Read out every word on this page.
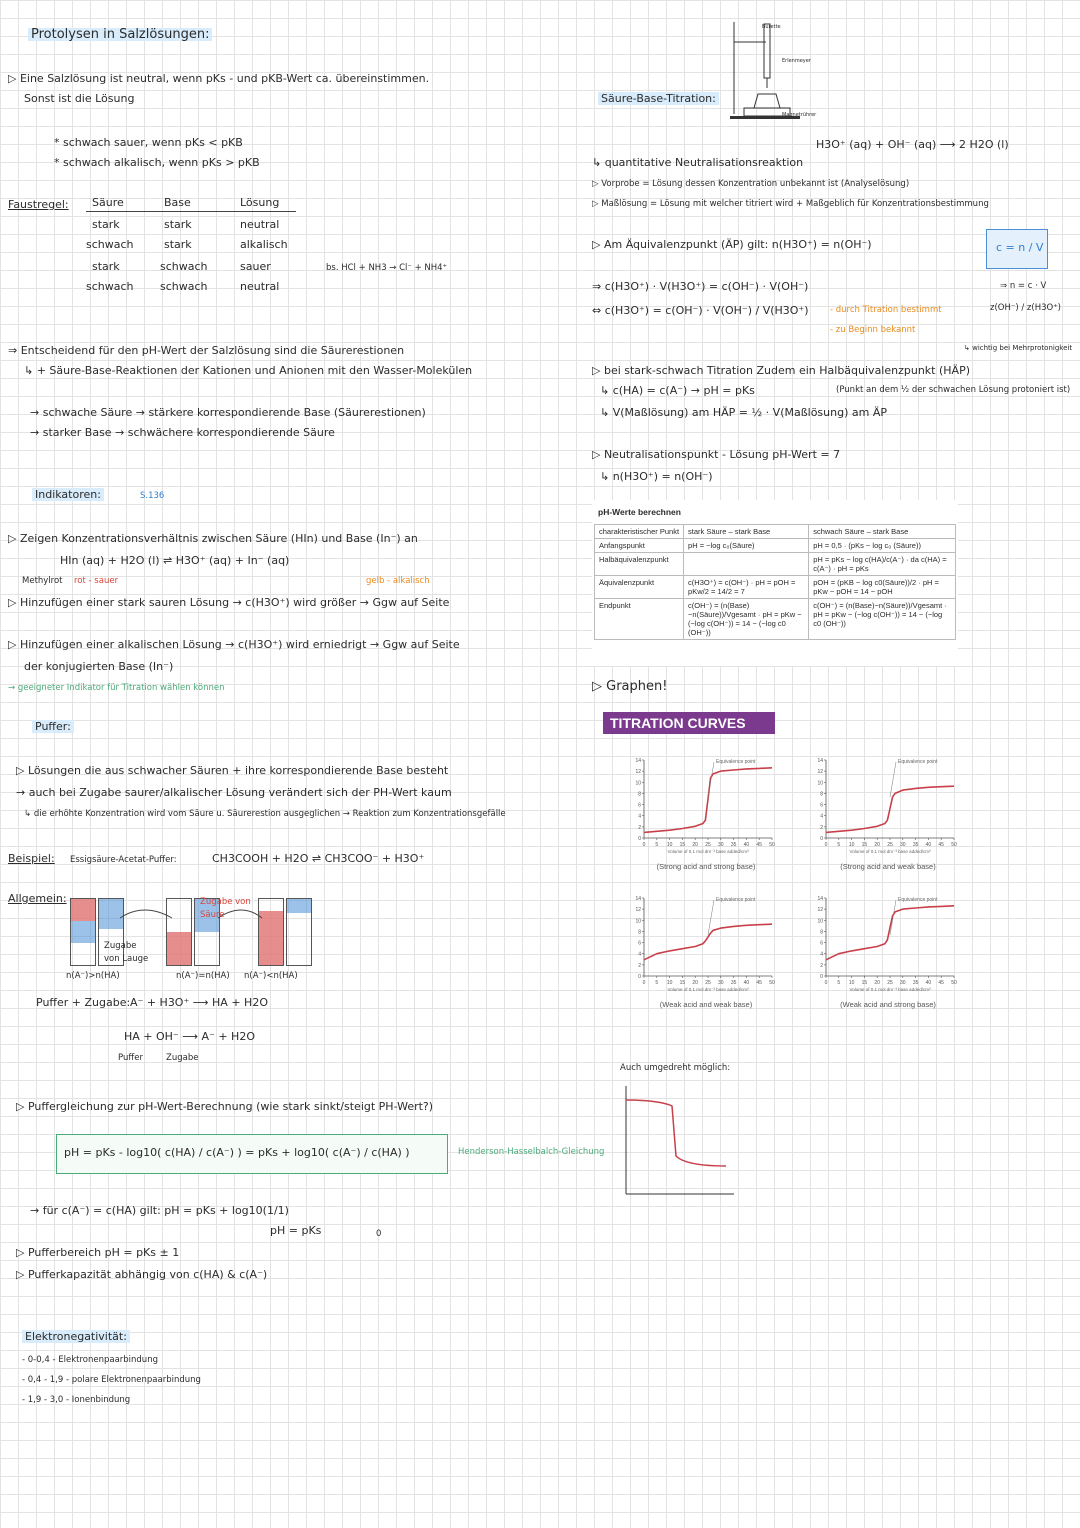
Protolysen in Salzlösungen:
▷ Eine Salzlösung ist neutral, wenn pKs - und pKB-Wert ca. übereinstimmen.
Sonst ist die Lösung
* schwach sauer, wenn pKs < pKB
* schwach alkalisch, wenn pKs > pKB
Faustregel: Säure	Base	Lösung
stark	stark	neutral
schwach	stark	alkalisch
stark	schwach	sauer
schwach schwach	neutral
bs. HCl + NH3 → Cl⁻ + NH4⁺
⇒ Entscheidend für den pH-Wert der Salzlösung sind die Säurerestionen
↳ + Säure-Base-Reaktionen der Kationen und Anionen mit den Wasser-Molekülen
→ schwache Säure → stärkere korrespondierende Base (Säurerestionen)
→ starker Base → schwächere korrespondierende Säure
Indikatoren:	S.136
▷ Zeigen Konzentrationsverhältnis zwischen Säure (HIn) und Base (In⁻) an
HIn (aq) + H2O (l) ⇌ H3O⁺ (aq) + In⁻ (aq)
Methylrot rot - sauer	gelb - alkalisch
▷ Hinzufügen einer stark sauren Lösung → c(H3O⁺) wird größer → Ggw auf Seite
▷ Hinzufügen einer alkalischen Lösung → c(H3O⁺) wird erniedrigt → Ggw auf Seite
der konjugierten Base (In⁻)
→ geeigneter Indikator für Titration wählen können
Puffer:
▷ Lösungen die aus schwacher Säuren + ihre korrespondierende Base besteht
→ auch bei Zugabe saurer/alkalischer Lösung verändert sich der PH-Wert kaum
↳ die erhöhte Konzentration wird vom Säure u. Säurerestion ausgeglichen → Reaktion zum Konzentrationsgefälle
Beispiel: Essigsäure-Acetat-Puffer:	CH3COOH + H2O ⇌ CH3COO⁻ + H3O⁺
Allgemein:
Zugabe von Lauge
Zugabe von Säure
n(A⁻)>n(HA)	n(A⁻)=n(HA) n(A⁻)<n(HA)
Puffer + Zugabe: A⁻ + H3O⁺ ⟶ HA + H2O
HA + OH⁻ ⟶ A⁻ + H2O
Puffer	Zugabe
▷ Puffergleichung zur pH-Wert-Berechnung (wie stark sinkt/steigt PH-Wert?)
pH = pKs - log10( c(HA) / c(A⁻) ) = pKs + log10( c(A⁻) / c(HA) )	Henderson-Hasselbalch-Gleichung
→ für c(A⁻) = c(HA) gilt: pH = pKs + log10(1/1)
pH = pKs	0
▷ Pufferbereich pH = pKs ± 1
▷ Pufferkapazität abhängig von c(HA) & c(A⁻)
Elektronegativität:
- 0-0,4 - Elektronenpaarbindung
- 0,4 - 1,9 - polare Elektronenpaarbindung
- 1,9 - 3,0 - Ionenbindung
Säure-Base-Titration:
Bürette
Erlenmeyer
Magnetrührer
H3O⁺ (aq) + OH⁻ (aq) ⟶ 2 H2O (l)
↳ quantitative Neutralisationsreaktion
▷ Vorprobe = Lösung dessen Konzentration unbekannt ist (Analyselösung)
▷ Maßlösung = Lösung mit welcher titriert wird + Maßgeblich für Konzentrationsbestimmung
▷ Am Äquivalenzpunkt (ÄP) gilt: n(H3O⁺) = n(OH⁻)	c = n / V
⇒ n = c · V
⇒ c(H3O⁺) · V(H3O⁺) = c(OH⁻) · V(OH⁻)
⇔ c(H3O⁺) = c(OH⁻) · V(OH⁻) / V(H3O⁺)	- durch Titration bestimmt
- zu Beginn bekannt
z(OH⁻) / z(H3O⁺)
↳ wichtig bei Mehrprotonigkeit
▷ bei stark-schwach Titration Zudem ein Halbäquivalenzpunkt (HÄP)
(Punkt an dem ½ der schwachen Lösung protoniert ist)
↳ c(HA) = c(A⁻) → pH = pKs
↳ V(Maßlösung) am HÄP = ½ · V(Maßlösung) am ÄP
▷ Neutralisationspunkt - Lösung pH-Wert = 7
↳ n(H3O⁺) = n(OH⁻)
pH-Werte berechnen
charakteristischer Punkt	stark Säure – stark Base	schwach Säure – stark Base
Anfangspunkt	pH = −log c₀(Säure)	pH = 0,5 · (pKs − log c₀ (Säure))
Halbäquivalenzpunkt		pH = pKs − log c(HA)/c(A⁻) · da c(HA) = c(A⁻) · pH = pKs
Äquivalenzpunkt	c(H3O⁺) = c(OH⁻) · pH = pOH = pKw/2 = 14/2 = 7	pOH = (pKB − log c0(Säure))/2 · pH = pKw − pOH = 14 − pOH
Endpunkt	c(OH⁻) = (n(Base)−n(Säure))/Vgesamt · pH = pKw − (−log c(OH⁻)) = 14 − (−log c0 (OH⁻))	c(OH⁻) = (n(Base)−n(Säure))/Vgesamt · pH = pKw − (−log c(OH⁻)) = 14 − (−log c0 (OH⁻))
▷ Graphen!
TITRATION CURVES
14
12
10
8
6
4
2
0
0 5 10 15 20 25 30 35 40 45 50
Volume of 0.1 mol dm⁻³ base added/cm³
Equivalence point	14
12
10
8
6
4
2
0
0 5 10 15 20 25 30 35 40 45 50
Volume of 0.1 mol dm⁻³ base added/cm³
Equivalence point
14
12
10
8
6
4
2
0
0 5 10 15 20 25 30 35 40 45 50
Volume of 0.1 mol dm⁻³ base added/cm³
Equivalence point	14
12
10
8
6
4
2
0
0 5 10 15 20 25 30 35 40 45 50
Volume of 0.1 mol dm⁻³ base added/cm³
Equivalence point
(Strong acid and strong base)	(Strong acid and weak base)
(Weak acid and weak base)	(Weak acid and strong base)
Auch umgedreht möglich:
